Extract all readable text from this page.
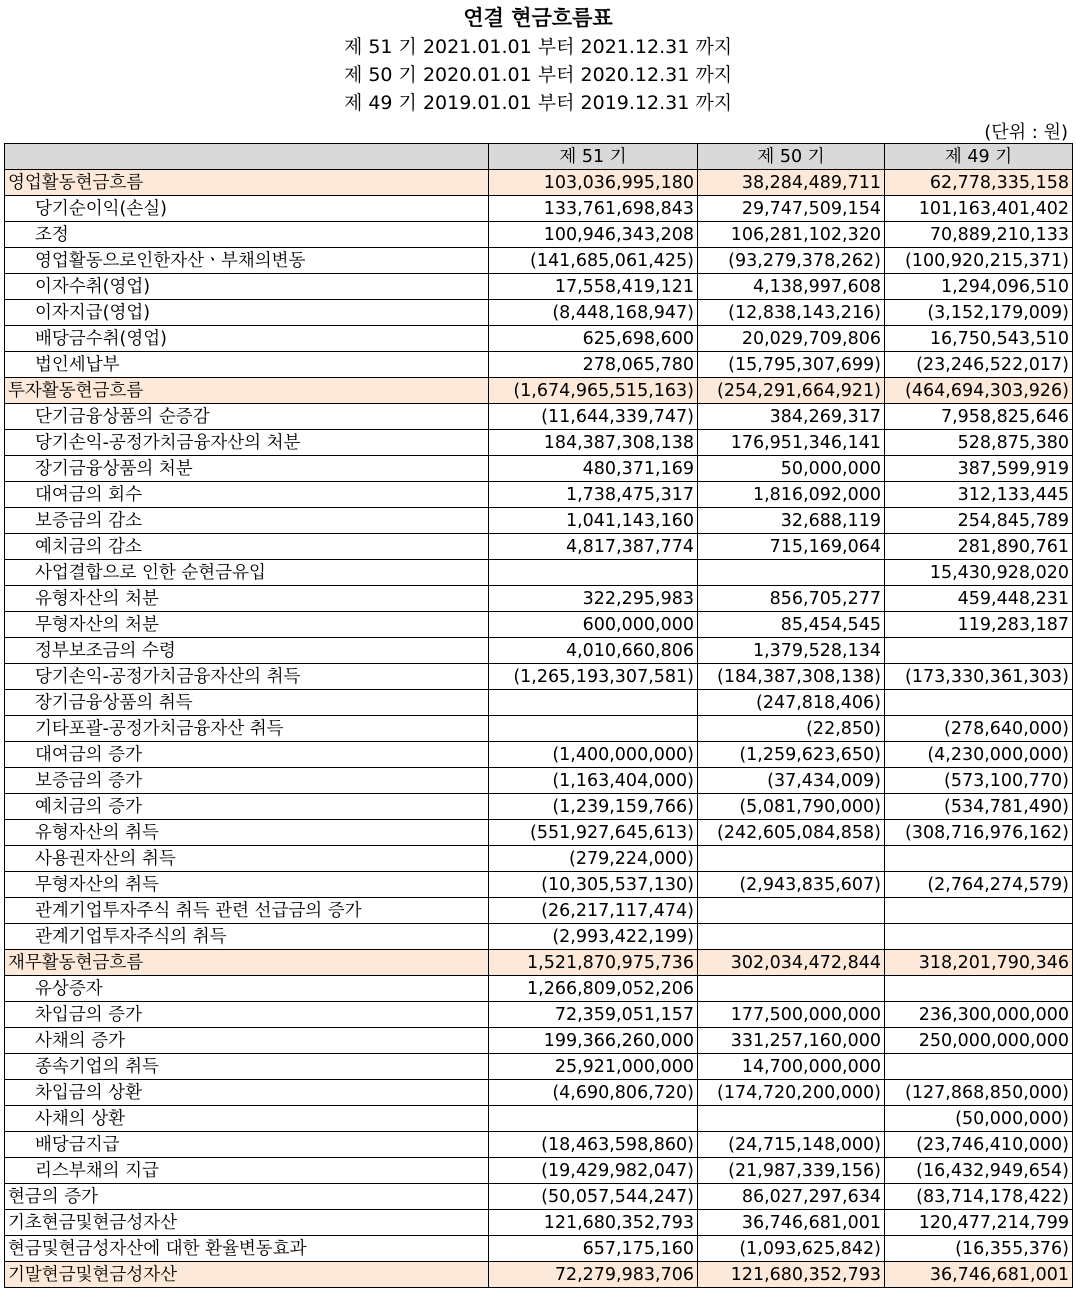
연결 현금흐름표
제 51 기 2021.01.01 부터 2021.12.31 까지
제 50 기 2020.01.01 부터 2020.12.31 까지
제 49 기 2019.01.01 부터 2019.12.31 까지
(단위 : 원)
	제 51 기	제 50 기	제 49 기
영업활동현금흐름	103,036,995,180	38,284,489,711	62,778,335,158
당기순이익(손실)	133,761,698,843	29,747,509,154	101,163,401,402
조정	100,946,343,208	106,281,102,320	70,889,210,133
영업활동으로인한자산ㆍ부채의변동	(141,685,061,425)	(93,279,378,262)	(100,920,215,371)
이자수취(영업)	17,558,419,121	4,138,997,608	1,294,096,510
이자지급(영업)	(8,448,168,947)	(12,838,143,216)	(3,152,179,009)
배당금수취(영업)	625,698,600	20,029,709,806	16,750,543,510
법인세납부	278,065,780	(15,795,307,699)	(23,246,522,017)
투자활동현금흐름	(1,674,965,515,163)	(254,291,664,921)	(464,694,303,926)
단기금융상품의 순증감	(11,644,339,747)	384,269,317	7,958,825,646
당기손익-공정가치금융자산의 처분	184,387,308,138	176,951,346,141	528,875,380
장기금융상품의 처분	480,371,169	50,000,000	387,599,919
대여금의 회수	1,738,475,317	1,816,092,000	312,133,445
보증금의 감소	1,041,143,160	32,688,119	254,845,789
예치금의 감소	4,817,387,774	715,169,064	281,890,761
사업결합으로 인한 순현금유입			15,430,928,020
유형자산의 처분	322,295,983	856,705,277	459,448,231
무형자산의 처분	600,000,000	85,454,545	119,283,187
정부보조금의 수령	4,010,660,806	1,379,528,134	
당기손익-공정가치금융자산의 취득	(1,265,193,307,581)	(184,387,308,138)	(173,330,361,303)
장기금융상품의 취득		(247,818,406)	
기타포괄-공정가치금융자산 취득		(22,850)	(278,640,000)
대여금의 증가	(1,400,000,000)	(1,259,623,650)	(4,230,000,000)
보증금의 증가	(1,163,404,000)	(37,434,009)	(573,100,770)
예치금의 증가	(1,239,159,766)	(5,081,790,000)	(534,781,490)
유형자산의 취득	(551,927,645,613)	(242,605,084,858)	(308,716,976,162)
사용권자산의 취득	(279,224,000)		
무형자산의 취득	(10,305,537,130)	(2,943,835,607)	(2,764,274,579)
관계기업투자주식 취득 관련 선급금의 증가	(26,217,117,474)		
관계기업투자주식의 취득	(2,993,422,199)		
재무활동현금흐름	1,521,870,975,736	302,034,472,844	318,201,790,346
유상증자	1,266,809,052,206		
차입금의 증가	72,359,051,157	177,500,000,000	236,300,000,000
사채의 증가	199,366,260,000	331,257,160,000	250,000,000,000
종속기업의 취득	25,921,000,000	14,700,000,000	
차입금의 상환	(4,690,806,720)	(174,720,200,000)	(127,868,850,000)
사채의 상환			(50,000,000)
배당금지급	(18,463,598,860)	(24,715,148,000)	(23,746,410,000)
리스부채의 지급	(19,429,982,047)	(21,987,339,156)	(16,432,949,654)
현금의 증가	(50,057,544,247)	86,027,297,634	(83,714,178,422)
기초현금및현금성자산	121,680,352,793	36,746,681,001	120,477,214,799
현금및현금성자산에 대한 환율변동효과	657,175,160	(1,093,625,842)	(16,355,376)
기말현금및현금성자산	72,279,983,706	121,680,352,793	36,746,681,001
